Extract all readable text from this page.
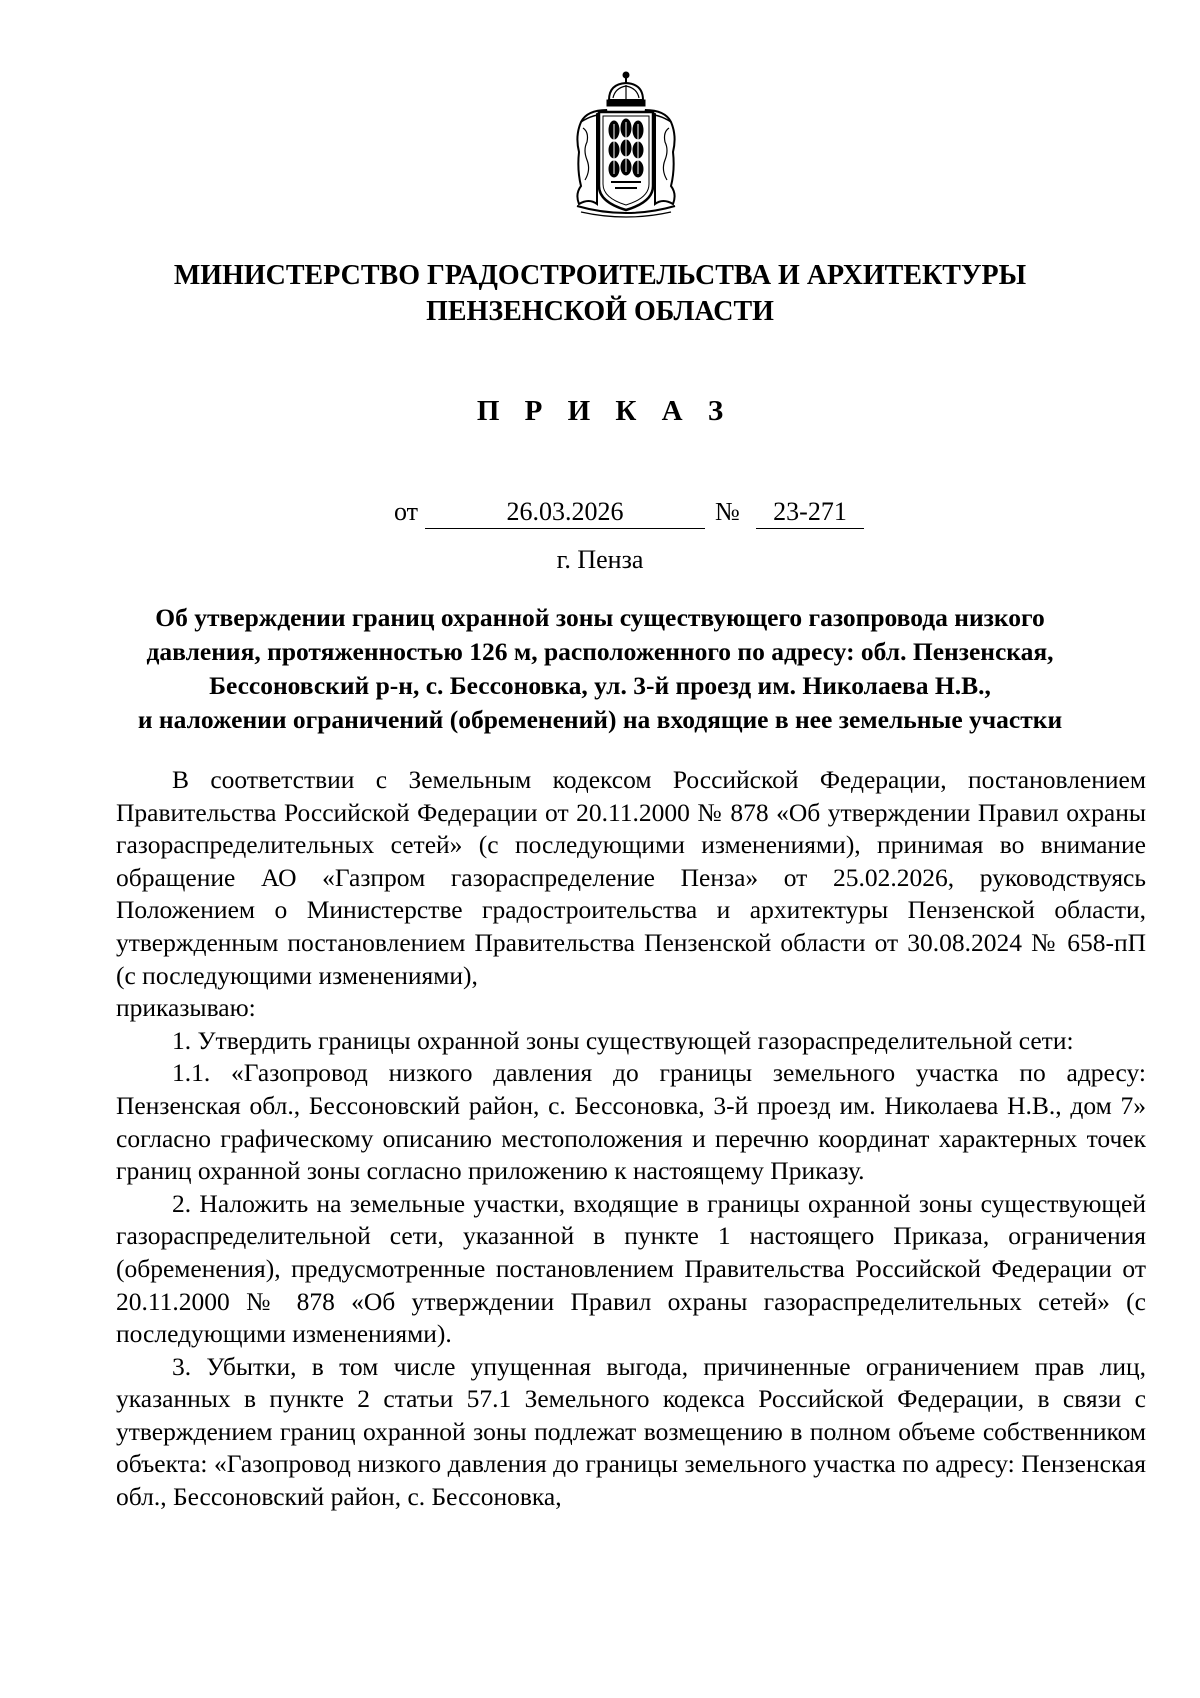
МИНИСТЕРСТВО ГРАДОСТРОИТЕЛЬСТВА И АРХИТЕКТУРЫ
ПЕНЗЕНСКОЙ ОБЛАСТИ
П Р И К А З
от	26.03.2026	№	23-271
г. Пенза
Об утверждении границ охранной зоны существующего газопровода низкого
давления, протяженностью 126 м, расположенного по адресу: обл. Пензенская,
Бессоновский р-н, с. Бессоновка, ул. 3-й проезд им. Николаева Н.В.,
и наложении ограничений (обременений) на входящие в нее земельные участки

В соответствии с Земельным кодексом Российской Федерации, постановлением Правительства Российской Федерации от 20.11.2000 № 878 «Об утверждении Правил охраны газораспределительных сетей» (с последующими изменениями), принимая во внимание обращение АО «Газпром газораспределение Пенза» от 25.02.2026, руководствуясь Положением о Министерстве градостроительства и архитектуры Пензенской области, утвержденным постановлением Правительства Пензенской области от 30.08.2024 № 658-пП (с последующими изменениями),

приказываю:

1. Утвердить границы охранной зоны существующей газораспределительной сети:

1.1. «Газопровод низкого давления до границы земельного участка по адресу: Пензенская обл., Бессоновский район, с. Бессоновка, 3-й проезд им. Николаева Н.В., дом 7» согласно графическому описанию местоположения и перечню координат характерных точек границ охранной зоны согласно приложению к настоящему Приказу.

2. Наложить на земельные участки, входящие в границы охранной зоны существующей газораспределительной сети, указанной в пункте 1 настоящего Приказа, ограничения (обременения), предусмотренные постановлением Правительства Российской Федерации от 20.11.2000 № 878 «Об утверждении Правил охраны газораспределительных сетей» (с последующими изменениями).

3. Убытки, в том числе упущенная выгода, причиненные ограничением прав лиц, указанных в пункте 2 статьи 57.1 Земельного кодекса Российской Федерации, в связи с утверждением границ охранной зоны подлежат возмещению в полном объеме собственником объекта: «Газопровод низкого давления до границы земельного участка по адресу: Пензенская обл., Бессоновский район, с. Бессоновка,
